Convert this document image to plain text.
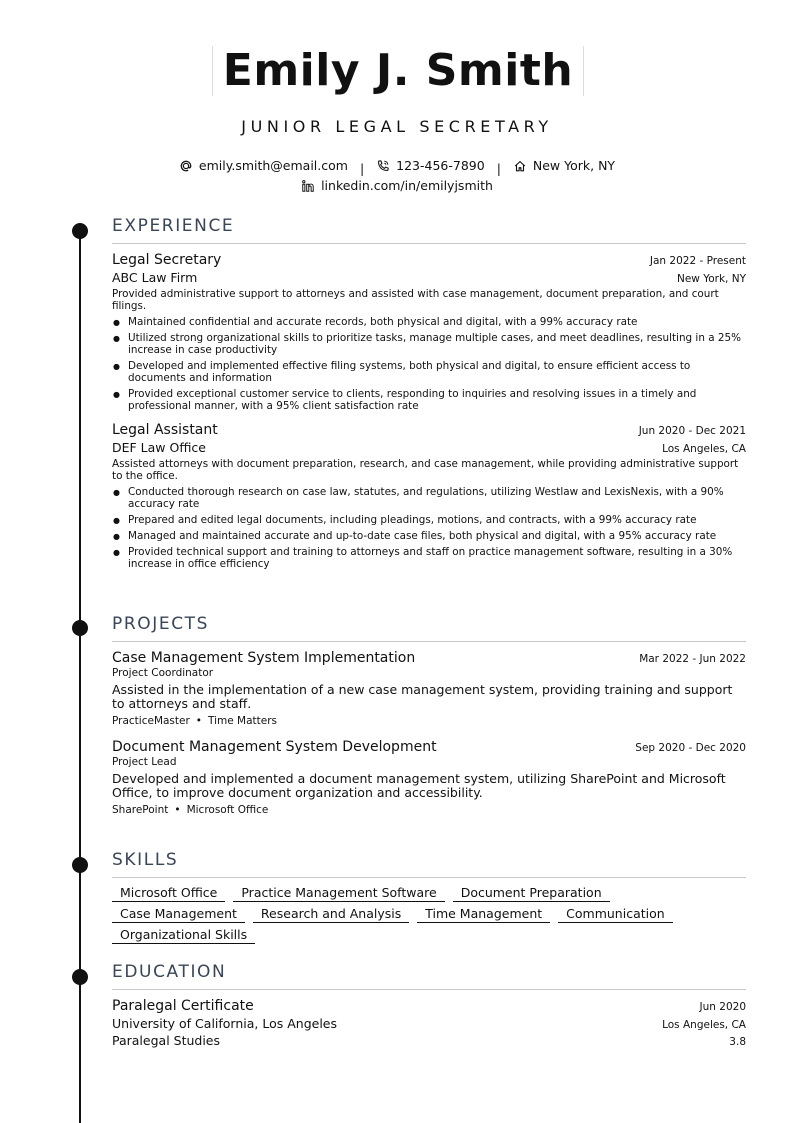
Emily J. Smith
JUNIOR LEGAL SECRETARY
emily.smith@email.com |	123-456-7890 |	New York, NY
linkedin.com/in/emilyjsmith
EXPERIENCE
Legal Secretary	Jan 2022 - Present
ABC Law Firm	New York, NY
Provided administrative support to attorneys and assisted with case management, document preparation, and court filings.
● Maintained confidential and accurate records, both physical and digital, with a 99% accuracy rate
● Utilized strong organizational skills to prioritize tasks, manage multiple cases, and meet deadlines, resulting in a 25% increase in case productivity
● Developed and implemented effective filing systems, both physical and digital, to ensure efficient access to documents and information
● Provided exceptional customer service to clients, responding to inquiries and resolving issues in a timely and professional manner, with a 95% client satisfaction rate
Legal Assistant	Jun 2020 - Dec 2021
DEF Law Office	Los Angeles, CA
Assisted attorneys with document preparation, research, and case management, while providing administrative support to the office.
● Conducted thorough research on case law, statutes, and regulations, utilizing Westlaw and LexisNexis, with a 90% accuracy rate
● Prepared and edited legal documents, including pleadings, motions, and contracts, with a 99% accuracy rate
● Managed and maintained accurate and up-to-date case files, both physical and digital, with a 95% accuracy rate
● Provided technical support and training to attorneys and staff on practice management software, resulting in a 30% increase in office efficiency
PROJECTS
Case Management System Implementation	Mar 2022 - Jun 2022
Project Coordinator
Assisted in the implementation of a new case management system, providing training and support to attorneys and staff.
PracticeMaster • Time Matters
Document Management System Development	Sep 2020 - Dec 2020
Project Lead
Developed and implemented a document management system, utilizing SharePoint and Microsoft Office, to improve document organization and accessibility.
SharePoint • Microsoft Office
SKILLS
Microsoft Office	Practice Management Software	Document Preparation
Case Management	Research and Analysis	Time Management	Communication
Organizational Skills
EDUCATION
Paralegal Certificate	Jun 2020
University of California, Los Angeles	Los Angeles, CA
Paralegal Studies	3.8
